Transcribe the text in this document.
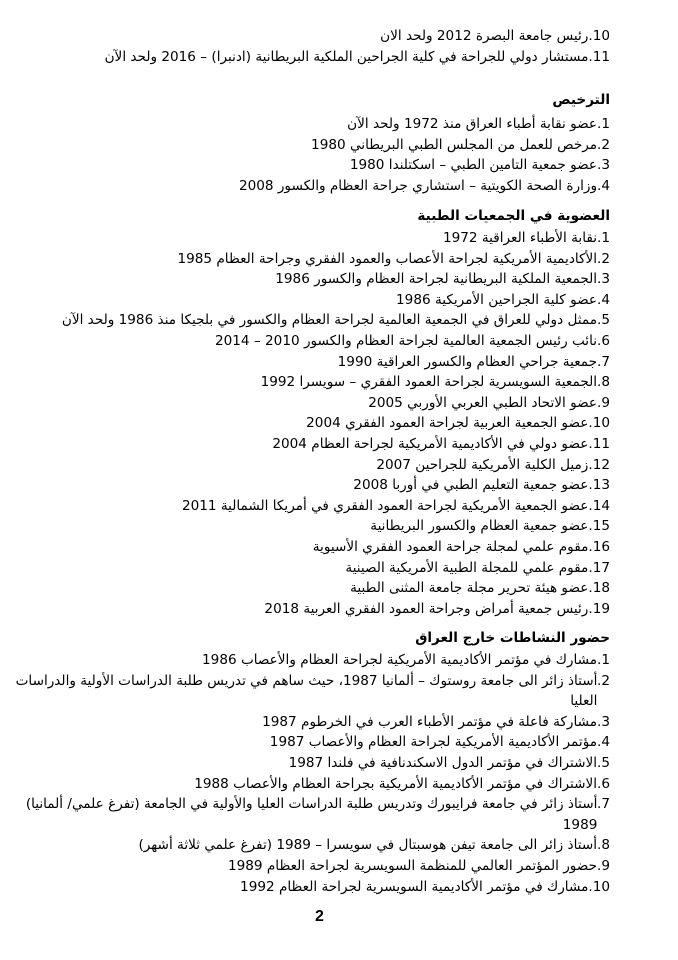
10.
رئيس جامعة البصرة 2012 ولحد الان
11.
مستشار دولي للجراحة في كلية الجراحين الملكية البريطانية (ادنبرا) – 2016 ولحد الآن
الترخيص
1.
عضو نقابة أطباء العراق منذ 1972 ولحد الآن
2.
مرخص للعمل من المجلس الطبي البريطاني 1980
3.
عضو جمعية التامين الطبي – اسكتلندا 1980
4.
وزارة الصحة الكويتية – استشاري جراحة العظام والكسور 2008
العضوية في الجمعيات الطبية
1.
نقابة الأطباء العراقية 1972
2.
الأكاديمية الأمريكية لجراحة الأعصاب والعمود الفقري وجراحة العظام 1985
3.
الجمعية الملكية البريطانية لجراحة العظام والكسور 1986
4.
عضو كلية الجراحين الأمريكية 1986
5.
ممثل دولي للعراق في الجمعية العالمية لجراحة العظام والكسور في بلجيكا منذ 1986 ولحد الآن
6.
نائب رئيس الجمعية العالمية لجراحة العظام والكسور 2010 – 2014
7.
جمعية جراحي العظام والكسور العراقية 1990
8.
الجمعية السويسرية لجراحة العمود الفقري – سويسرا 1992
9.
عضو الاتحاد الطبي العربي الأوربي 2005
10.
عضو الجمعية العربية لجراحة العمود الفقري 2004
11.
عضو دولي في الأكاديمية الأمريكية لجراحة العظام 2004
12.
زميل الكلية الأمريكية للجراحين 2007
13.
عضو جمعية التعليم الطبي في أوربا 2008
14.
عضو الجمعية الأمريكية لجراحة العمود الفقري في أمريكا الشمالية 2011
15.
عضو جمعية العظام والكسور البريطانية
16.
مقوم علمي لمجلة جراحة العمود الفقري الأسيوية
17.
مقوم علمي للمجلة الطبية الأمريكية الصينية
18.
عضو هيئة تحرير مجلة جامعة المثنى الطبية
19.
رئيس جمعية أمراض وجراحة العمود الفقري العربية 2018
حضور النشاطات خارج العراق
1.
مشارك في مؤتمر الأكاديمية الأمريكية لجراحة العظام والأعصاب 1986
2.
أستاذ زائر الى جامعة روستوك – ألمانيا 1987، حيث ساهم في تدريس طلبة الدراسات الأولية والدراسات العليا
3.
مشاركة فاعلة في مؤتمر الأطباء العرب في الخرطوم 1987
4.
مؤتمر الأكاديمية الأمريكية لجراحة العظام والأعصاب 1987
5.
الاشتراك في مؤتمر الدول الاسكندنافية في فلندا 1987
6.
الاشتراك في مؤتمر الأكاديمية الأمريكية بجراحة العظام والأعصاب 1988
7.
أستاذ زائر في جامعة فرايبورك وتدريس طلبة الدراسات العليا والأولية في الجامعة (تفرغ علمي/ ألمانيا) 1989
8.
أستاذ زائر الى جامعة تيفن هوسبتال في سويسرا – 1989 (تفرغ علمي ثلاثة أشهر)
9.
حضور المؤتمر العالمي للمنظمة السويسرية لجراحة العظام 1989
10.
مشارك في مؤتمر الأكاديمية السويسرية لجراحة العظام 1992
2
